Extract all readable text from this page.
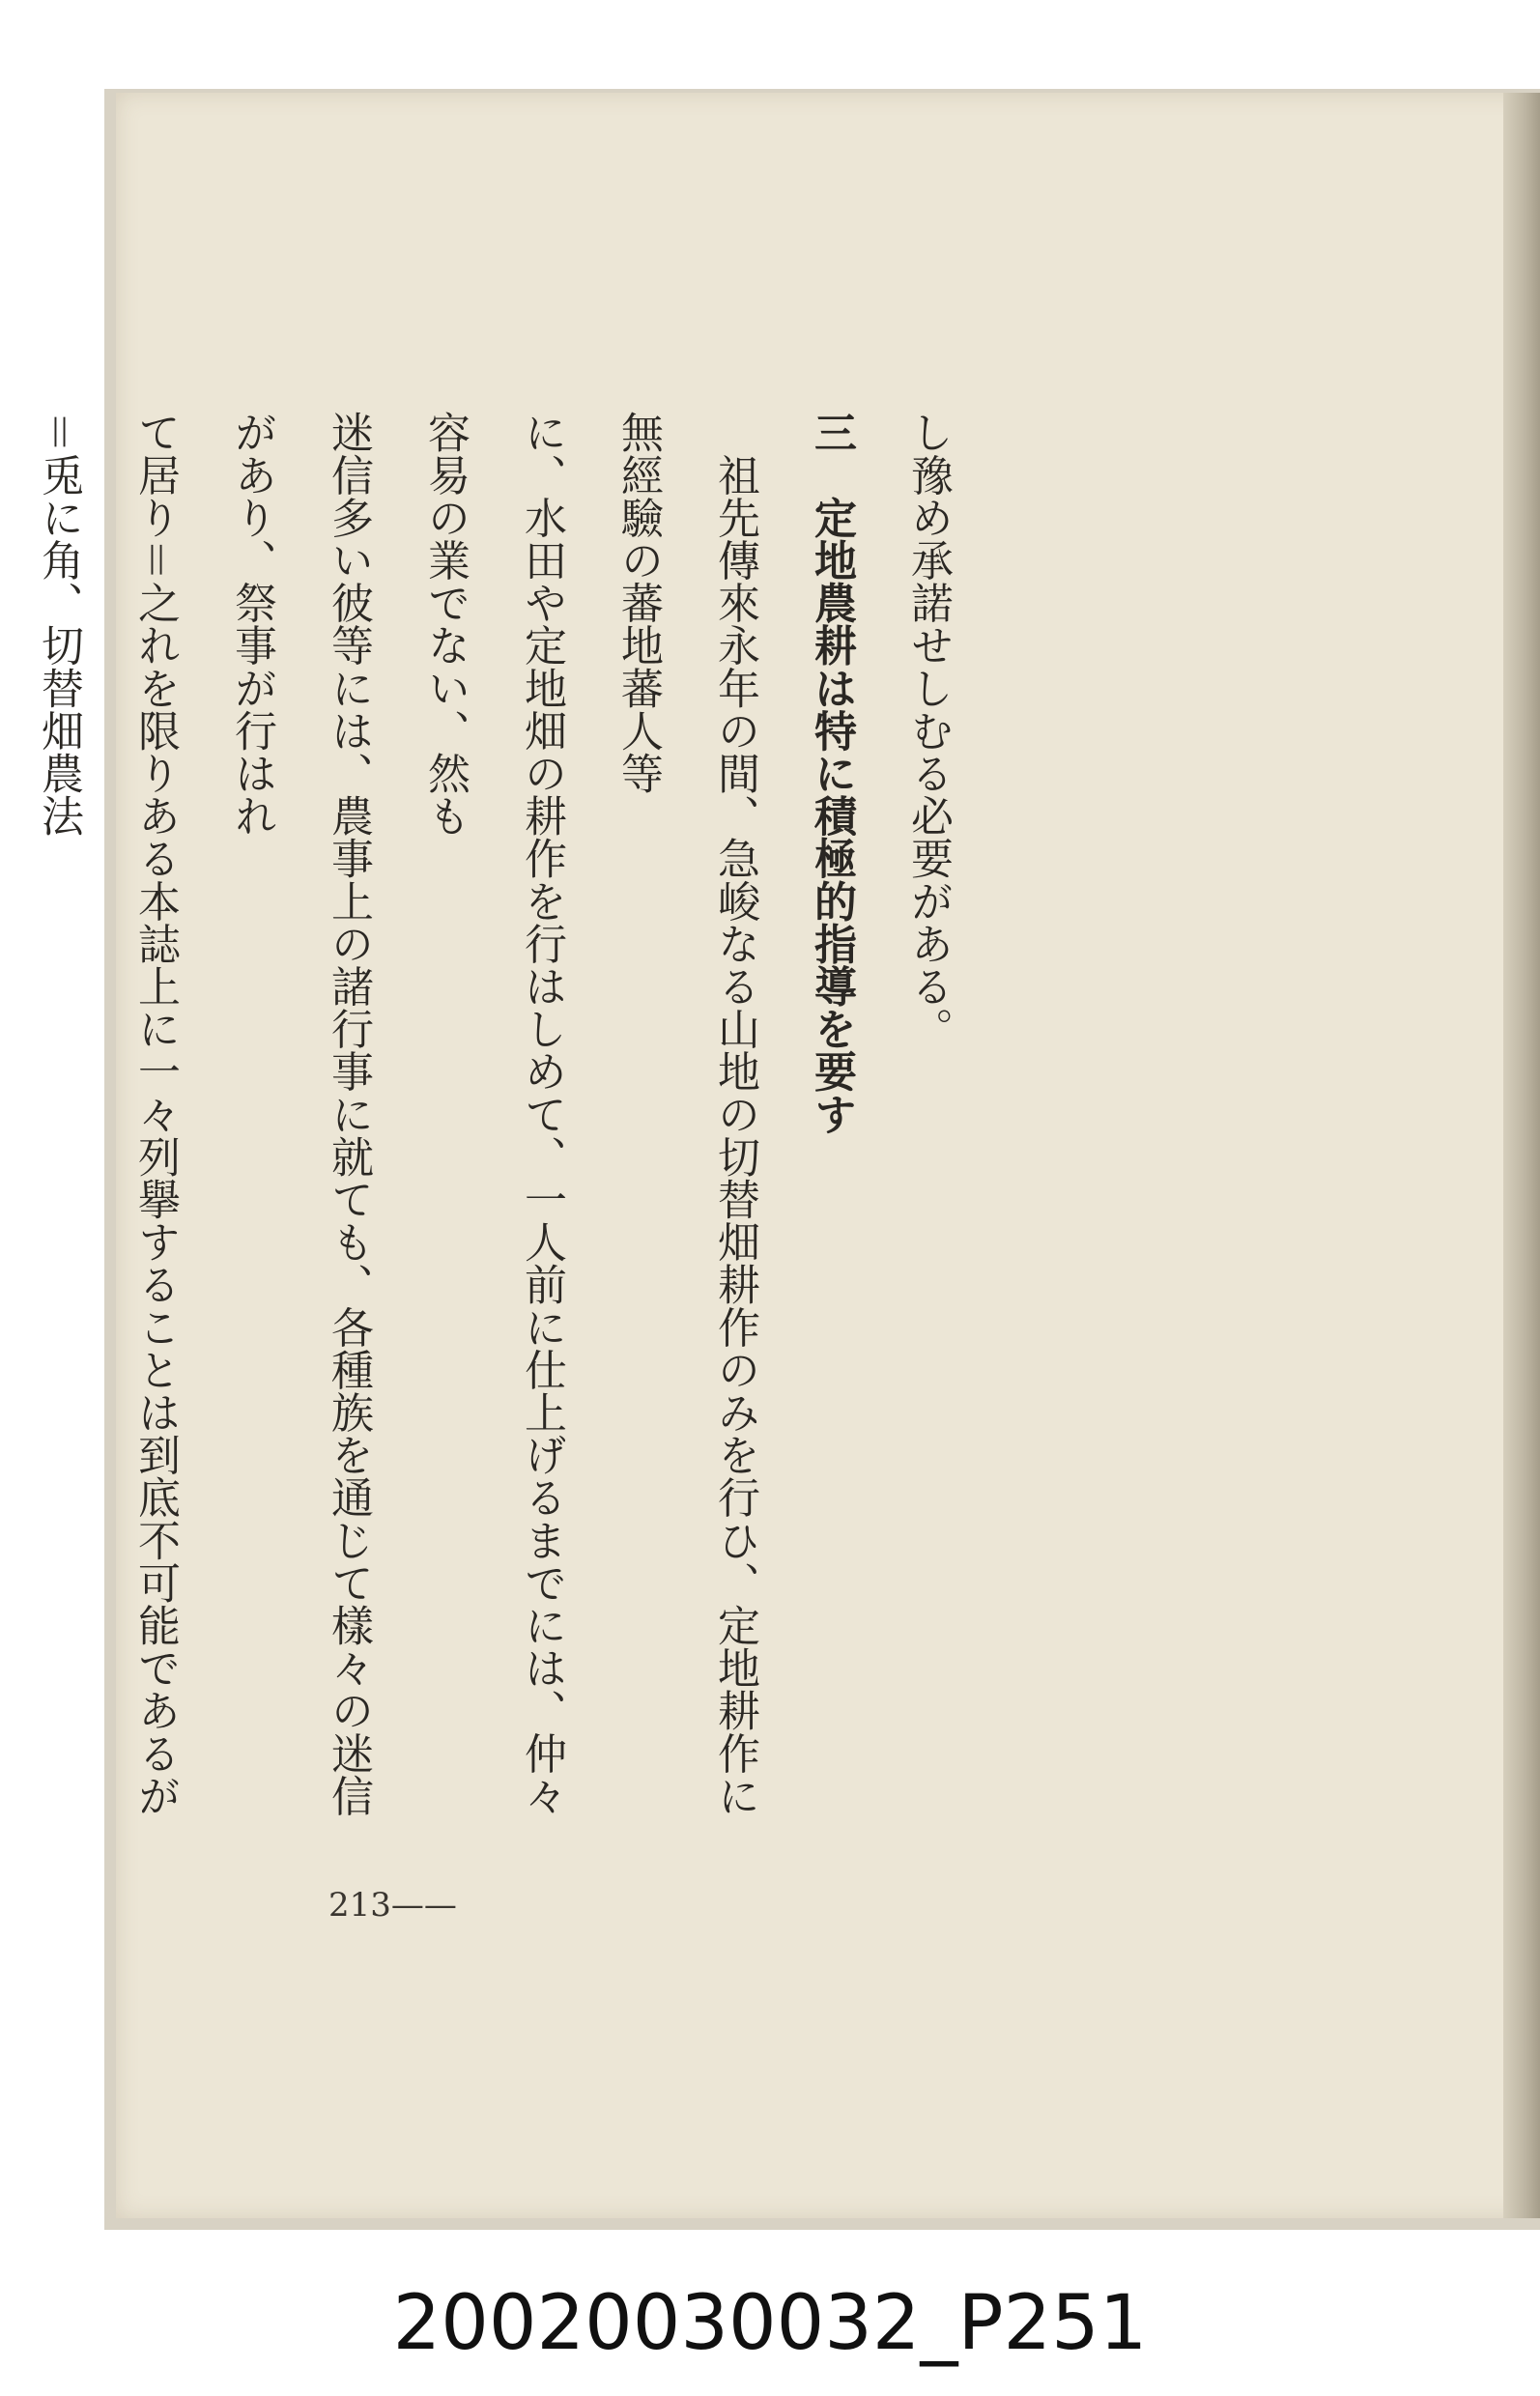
し豫め承諾せしむる必要がある。
三　定地農耕は特に積極的指導を要す
　祖先傳來永年の間、急峻なる山地の切替畑耕作のみを行ひ、定地耕作に無經驗の蕃地蕃人等
に、水田や定地畑の耕作を行はしめて、一人前に仕上げるまでには、仲々容易の業でない、然も
迷信多い彼等には、農事上の諸行事に就ても、各種族を通じて樣々の迷信があり、祭事が行はれ
て居り＝之れを限りある本誌上に一々列擧することは到底不可能であるが＝兎に角、切替畑農法
213——
20020030032_P251
